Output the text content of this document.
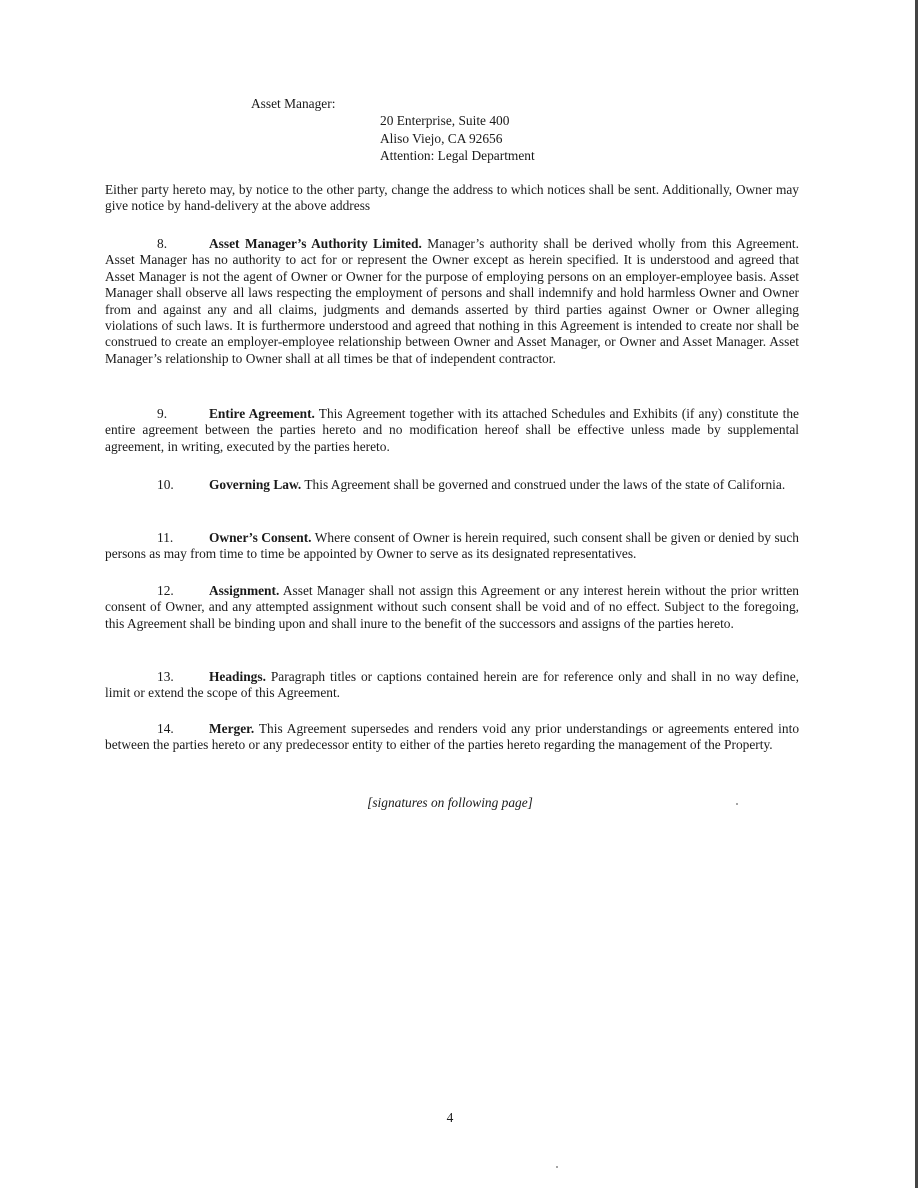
Asset Manager:
20 Enterprise, Suite 400
Aliso Viejo, CA 92656
Attention: Legal Department
Either party hereto may, by notice to the other party, change the address to which notices shall be sent. Additionally, Owner may give notice by hand-delivery at the above address
8.	Asset Manager’s Authority Limited. Manager’s authority shall be derived wholly from this Agreement. Asset Manager has no authority to act for or represent the Owner except as herein specified. It is understood and agreed that Asset Manager is not the agent of Owner or Owner for the purpose of employing persons on an employer-employee basis. Asset Manager shall observe all laws respecting the employment of persons and shall indemnify and hold harmless Owner and Owner from and against any and all claims, judgments and demands asserted by third parties against Owner or Owner alleging violations of such laws. It is furthermore understood and agreed that nothing in this Agreement is intended to create nor shall be construed to create an employer-employee relationship between Owner and Asset Manager, or Owner and Asset Manager. Asset Manager’s relationship to Owner shall at all times be that of independent contractor.
9.	Entire Agreement. This Agreement together with its attached Schedules and Exhibits (if any) constitute the entire agreement between the parties hereto and no modification hereof shall be effective unless made by supplemental agreement, in writing, executed by the parties hereto.
10.	Governing Law. This Agreement shall be governed and construed under the laws of the state of California.
11.	Owner’s Consent. Where consent of Owner is herein required, such consent shall be given or denied by such persons as may from time to time be appointed by Owner to serve as its designated representatives.
12.	Assignment. Asset Manager shall not assign this Agreement or any interest herein without the prior written consent of Owner, and any attempted assignment without such consent shall be void and of no effect. Subject to the foregoing, this Agreement shall be binding upon and shall inure to the benefit of the successors and assigns of the parties hereto.
13.	Headings. Paragraph titles or captions contained herein are for reference only and shall in no way define, limit or extend the scope of this Agreement.
14.	Merger. This Agreement supersedes and renders void any prior understandings or agreements entered into between the parties hereto or any predecessor entity to either of the parties hereto regarding the management of the Property.
[signatures on following page]
4
